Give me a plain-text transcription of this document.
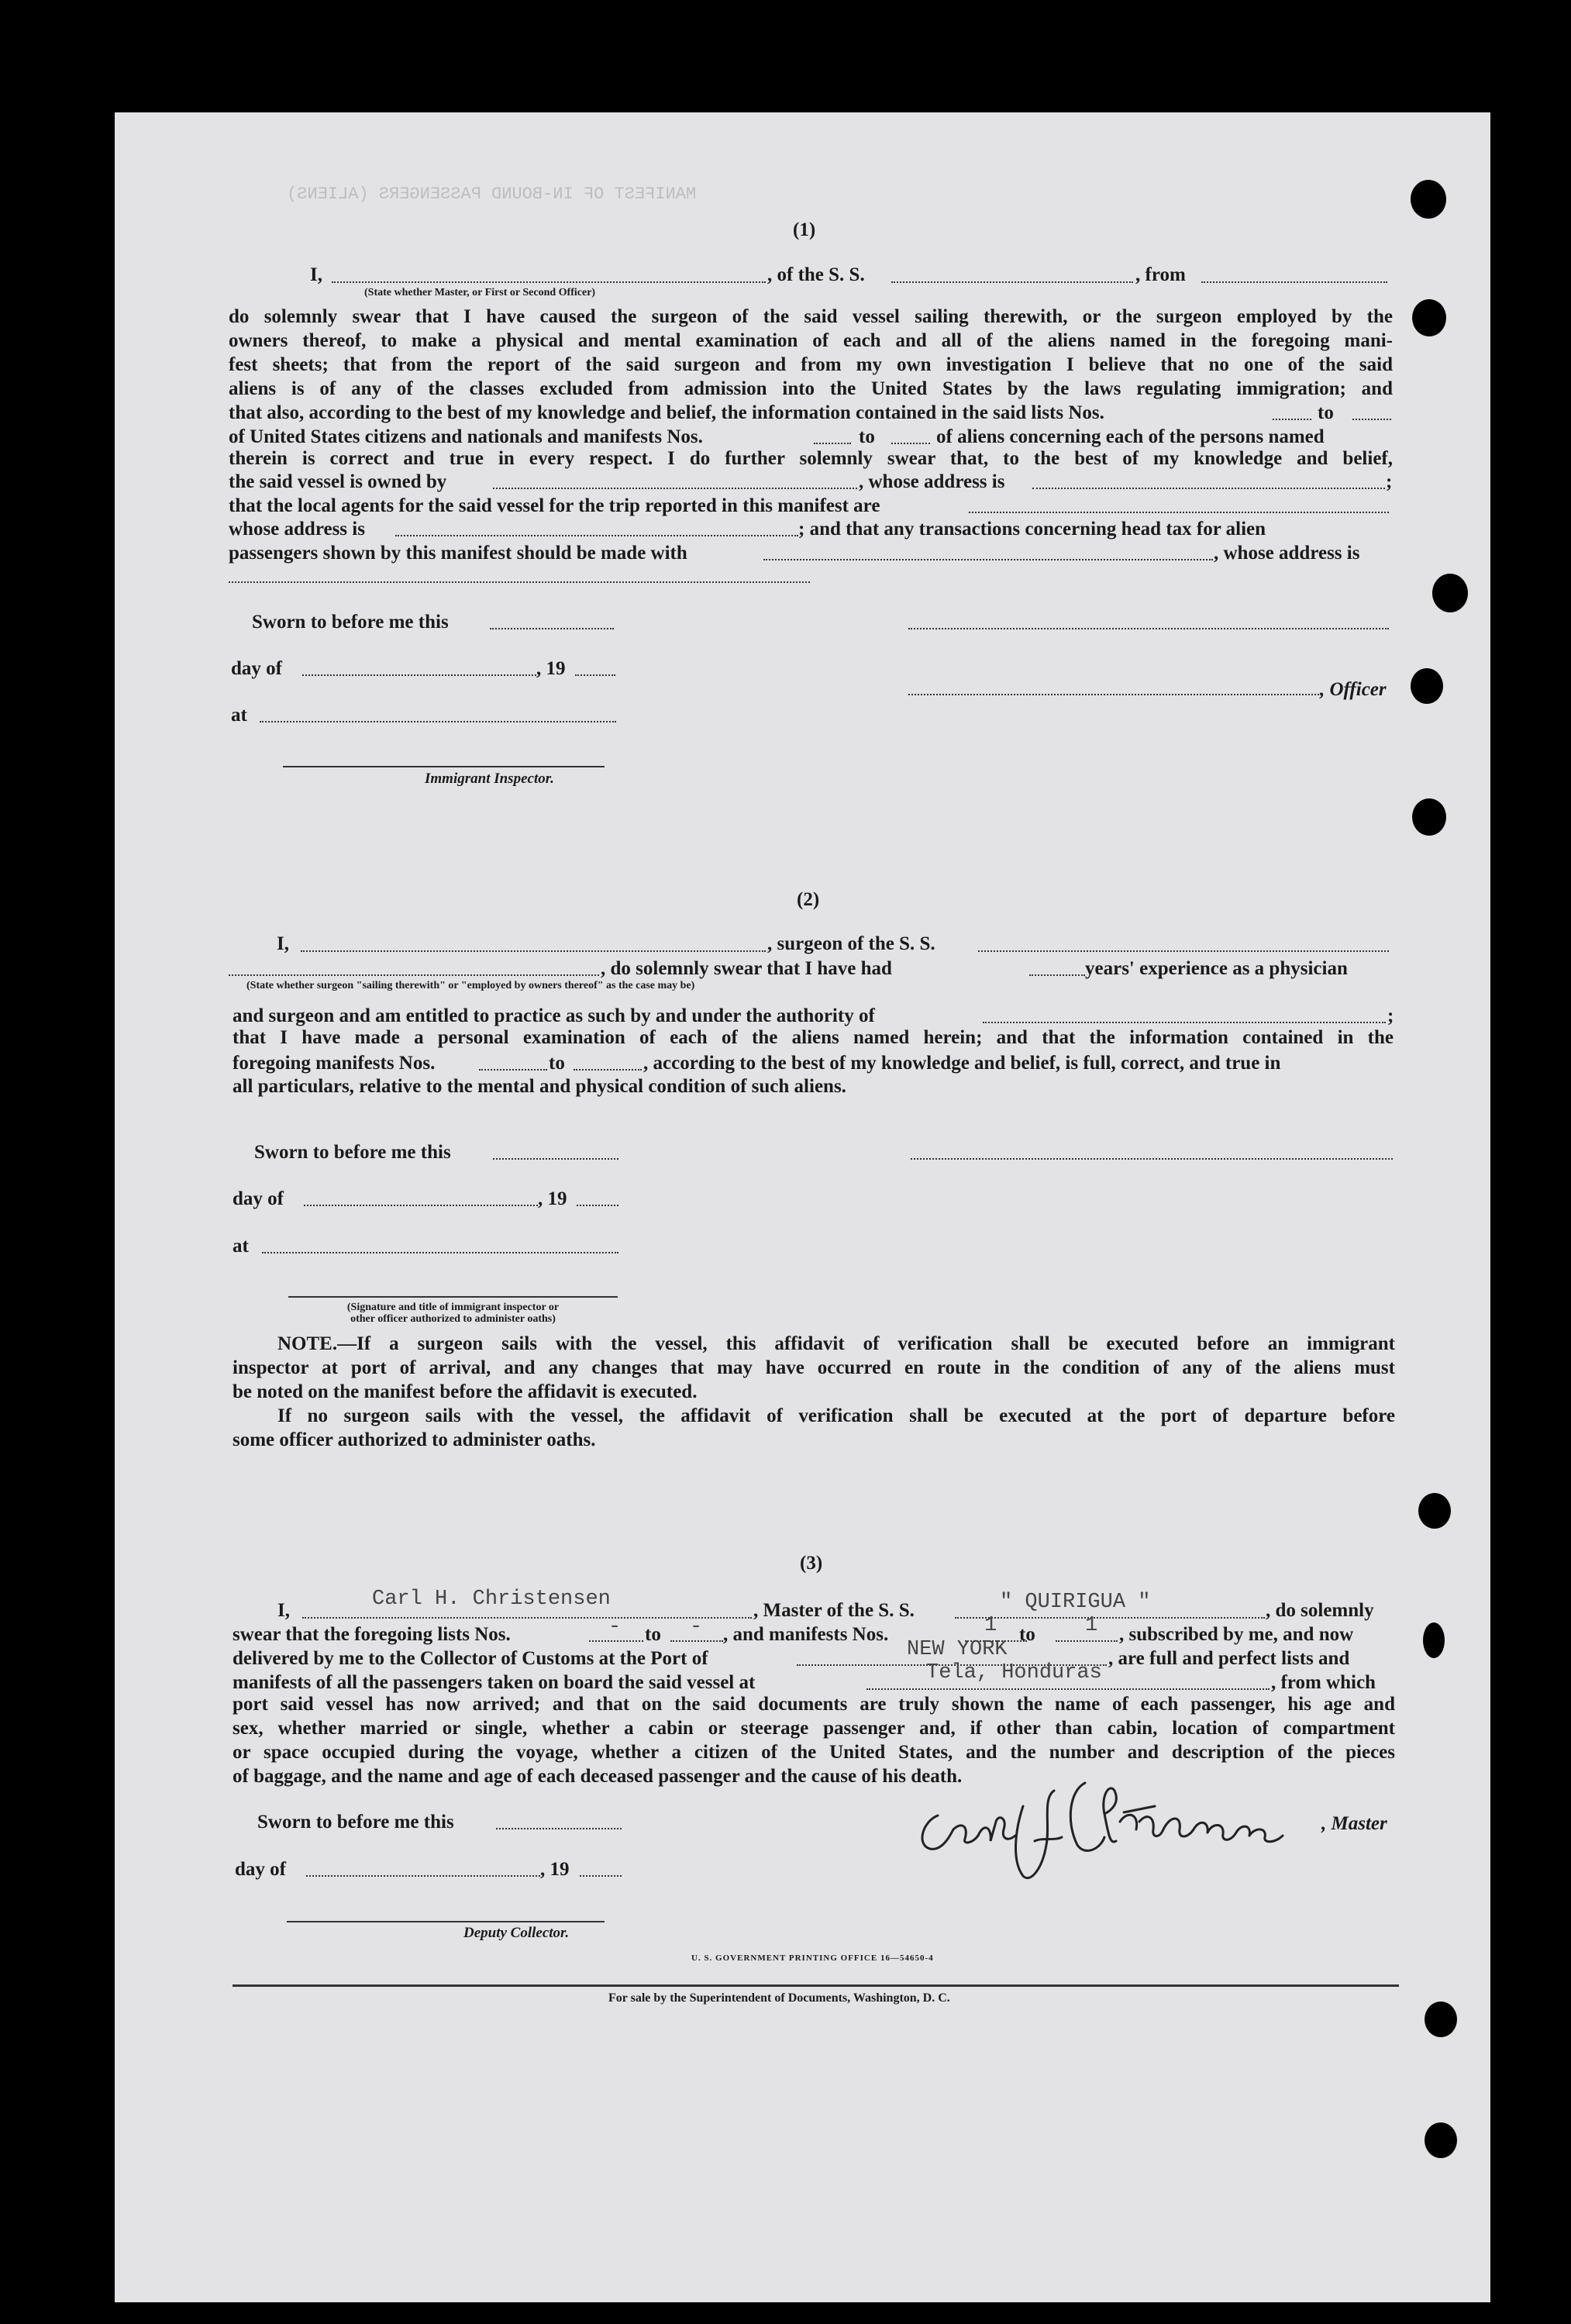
MANIFEST OF IN-BOUND PASSENGERS (ALIENS)
(1)
I,
(State whether Master, or First or Second Officer)
, of the S. S.	, from
do solemnly swear that I have caused the surgeon of the said vessel sailing therewith, or the surgeon employed by the
owners thereof, to make a physical and mental examination of each and all of the aliens named in the foregoing mani-
fest sheets; that from the report of the said surgeon and from my own investigation I believe that no one of the said
aliens is of any of the classes excluded from admission into the United States by the laws regulating immigration; and
that also, according to the best of my knowledge and belief, the information contained in the said lists Nos.	to
of United States citizens and nationals and manifests Nos.	to	of aliens concerning each of the persons named
therein is correct and true in every respect. I do further solemnly swear that, to the best of my knowledge and belief,
the said vessel is owned by	, whose address is	;
that the local agents for the said vessel for the trip reported in this manifest are
whose address is	; and that any transactions concerning head tax for alien
passengers shown by this manifest should be made with	, whose address is
Sworn to before me this
day of	, 19
, Officer
at
Immigrant Inspector.
(2)
I,	, surgeon of the S. S.
, do solemnly swear that I have had	years' experience as a physician
(State whether surgeon "sailing therewith" or "employed by owners thereof" as the case may be)
and surgeon and am entitled to practice as such by and under the authority of	;
that I have made a personal examination of each of the aliens named herein; and that the information contained in the
foregoing manifests Nos.	to	, according to the best of my knowledge and belief, is full, correct, and true in
all particulars, relative to the mental and physical condition of such aliens.
Sworn to before me this
day of	, 19
at
(Signature and title of immigrant inspector or
other officer authorized to administer oaths)
NOTE.—If a surgeon sails with the vessel, this affidavit of verification shall be executed before an immigrant
inspector at port of arrival, and any changes that may have occurred en route in the condition of any of the aliens must
be noted on the manifest before the affidavit is executed.
If no surgeon sails with the vessel, the affidavit of verification shall be executed at the port of departure before
some officer authorized to administer oaths.
(3)
I,	Carl H. Christensen	, Master of the S. S.	" QUIRIGUA "	, do solemnly
swear that the foregoing lists Nos.	- to - , and manifests Nos.	1 to 1 , subscribed by me, and now
delivered by me to the Collector of Customs at the Port of	NEW YORK	, are full and perfect lists and
manifests of all the passengers taken on board the said vessel at	Tela, Honduras	, from which
port said vessel has now arrived; and that on the said documents are truly shown the name of each passenger, his age and
sex, whether married or single, whether a cabin or steerage passenger and, if other than cabin, location of compartment
or space occupied during the voyage, whether a citizen of the United States, and the number and description of the pieces
of baggage, and the name and age of each deceased passenger and the cause of his death.
Sworn to before me this	, Master
day of	, 19
Deputy Collector.
U. S. GOVERNMENT PRINTING OFFICE 16—54650-4
For sale by the Superintendent of Documents, Washington, D. C.
